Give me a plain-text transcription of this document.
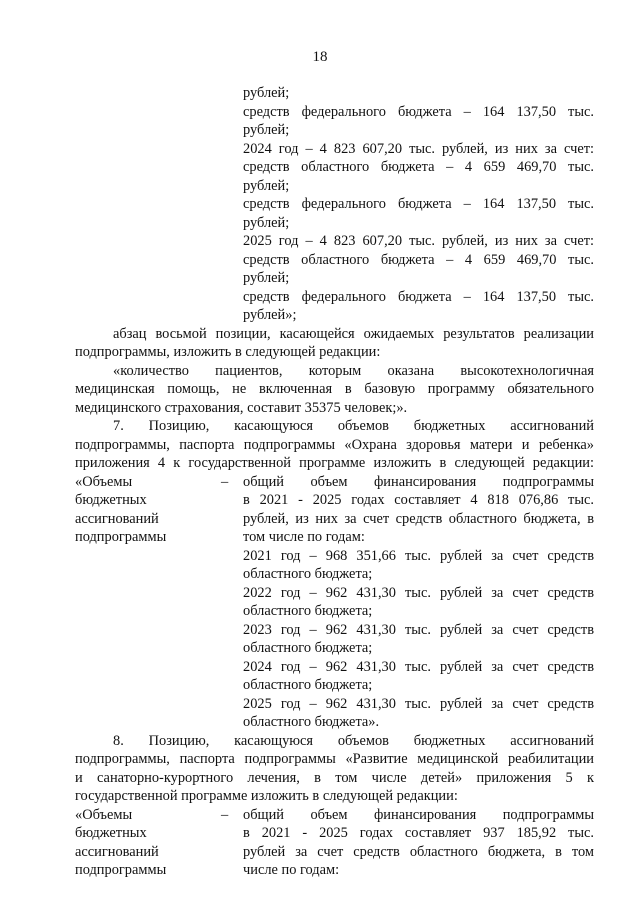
18
рублей;
средств федерального бюджета – 164 137,50 тыс.
рублей;
2024 год – 4 823 607,20 тыс. рублей, из них за счет:
средств областного бюджета – 4 659 469,70 тыс.
рублей;
средств федерального бюджета – 164 137,50 тыс.
рублей;
2025 год – 4 823 607,20 тыс. рублей, из них за счет:
средств областного бюджета – 4 659 469,70 тыс.
рублей;
средств федерального бюджета – 164 137,50 тыс.
рублей»;
абзац восьмой позиции, касающейся ожидаемых результатов реализации
подпрограммы, изложить в следующей редакции:
«количество пациентов, которым оказана высокотехнологичная
медицинская помощь, не включенная в базовую программу обязательного
медицинского страхования, составит 35375 человек;».
7. Позицию, касающуюся объемов бюджетных ассигнований
подпрограммы, паспорта подпрограммы «Охрана здоровья матери и ребенка»
приложения 4 к государственной программе изложить в следующей редакции:
«Объемы
бюджетных
ассигнований
подпрограммы
–	общий объем финансирования подпрограммы
в 2021 - 2025 годах составляет 4 818 076,86 тыс.
рублей, из них за счет средств областного бюджета, в
том числе по годам:
2021 год – 968 351,66 тыс. рублей за счет средств
областного бюджета;
2022 год – 962 431,30 тыс. рублей за счет средств
областного бюджета;
2023 год – 962 431,30 тыс. рублей за счет средств
областного бюджета;
2024 год – 962 431,30 тыс. рублей за счет средств
областного бюджета;
2025 год – 962 431,30 тыс. рублей за счет средств
областного бюджета».
8. Позицию, касающуюся объемов бюджетных ассигнований
подпрограммы, паспорта подпрограммы «Развитие медицинской реабилитации
и санаторно-курортного лечения, в том числе детей» приложения 5 к
государственной программе изложить в следующей редакции:
«Объемы
бюджетных
ассигнований
подпрограммы
–	общий объем финансирования подпрограммы
в 2021 - 2025 годах составляет 937 185,92 тыс.
рублей за счет средств областного бюджета, в том
числе по годам:
